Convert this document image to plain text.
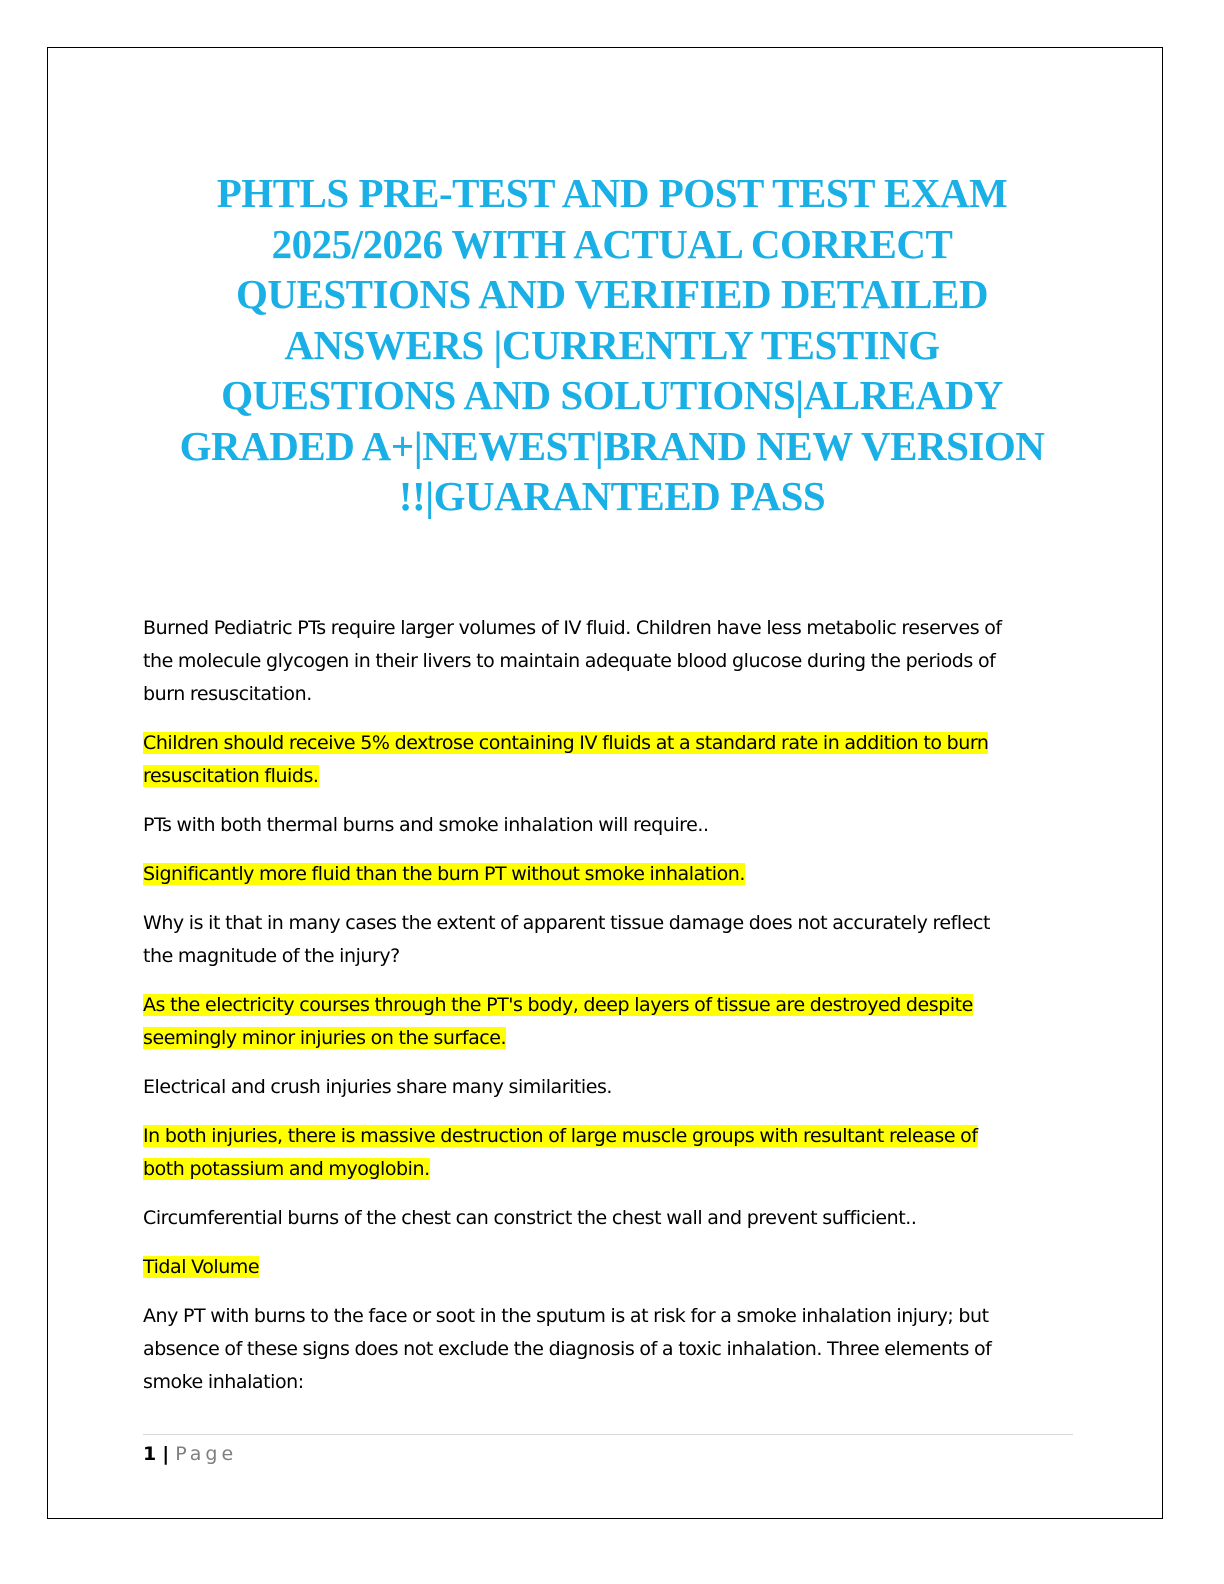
PHTLS PRE-TEST AND POST TEST EXAM
2025/2026 WITH ACTUAL CORRECT
QUESTIONS AND VERIFIED DETAILED
ANSWERS |CURRENTLY TESTING
QUESTIONS AND SOLUTIONS|ALREADY
GRADED A+|NEWEST|BRAND NEW VERSION
!!|GUARANTEED PASS

Burned Pediatric PTs require larger volumes of IV fluid. Children have less metabolic reserves of
the molecule glycogen in their livers to maintain adequate blood glucose during the periods of
burn resuscitation.

Children should receive 5% dextrose containing IV fluids at a standard rate in addition to burn
resuscitation fluids.

PTs with both thermal burns and smoke inhalation will require..

Significantly more fluid than the burn PT without smoke inhalation.

Why is it that in many cases the extent of apparent tissue damage does not accurately reflect
the magnitude of the injury?

As the electricity courses through the PT's body, deep layers of tissue are destroyed despite
seemingly minor injuries on the surface.

Electrical and crush injuries share many similarities.

In both injuries, there is massive destruction of large muscle groups with resultant release of
both potassium and myoglobin.

Circumferential burns of the chest can constrict the chest wall and prevent sufficient..

Tidal Volume

Any PT with burns to the face or soot in the sputum is at risk for a smoke inhalation injury; but
absence of these signs does not exclude the diagnosis of a toxic inhalation. Three elements of
smoke inhalation:

1 | Page
